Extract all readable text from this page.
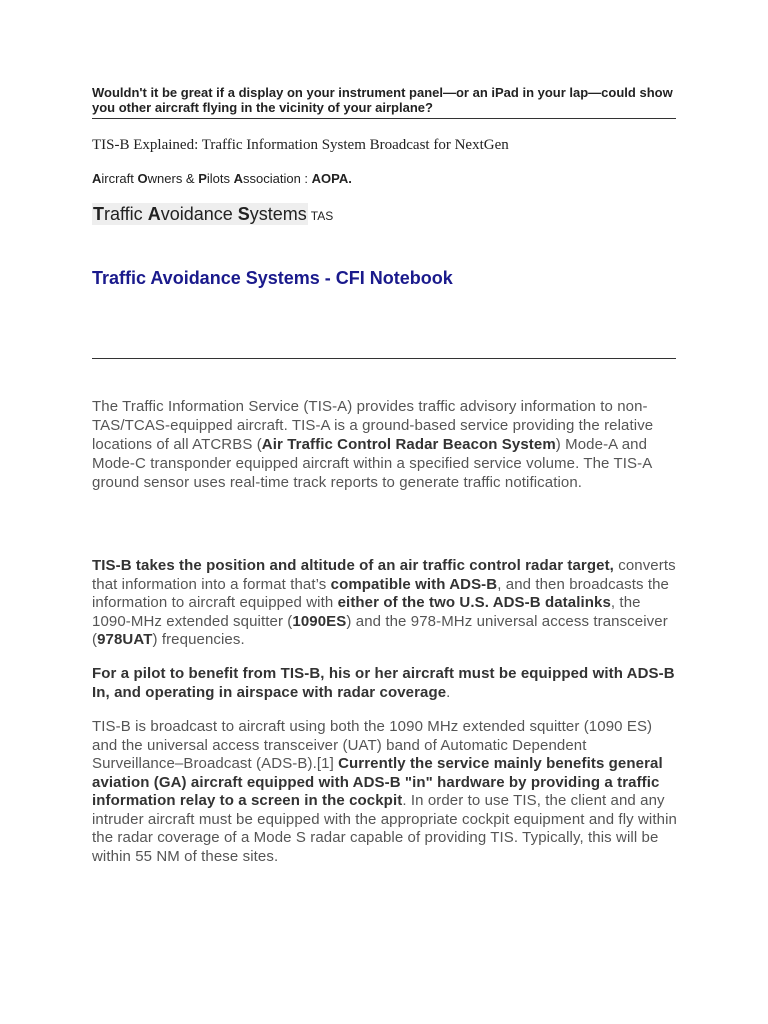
Wouldn't it be great if a display on your instrument panel—or an iPad in your lap—could show you other aircraft flying in the vicinity of your airplane?
TIS-B Explained: Traffic Information System Broadcast for NextGen
Aircraft Owners & Pilots Association : AOPA.
Traffic Avoidance Systems TAS
Traffic Avoidance Systems - CFI Notebook
The Traffic Information Service (TIS-A) provides traffic advisory information to non-TAS/TCAS-equipped aircraft. TIS-A is a ground-based service providing the relative locations of all ATCRBS (Air Traffic Control Radar Beacon System) Mode-A and Mode-C transponder equipped aircraft within a specified service volume. The TIS-A ground sensor uses real-time track reports to generate traffic notification.
TIS-B takes the position and altitude of an air traffic control radar target, converts that information into a format that’s compatible with ADS-B, and then broadcasts the information to aircraft equipped with either of the two U.S. ADS-B datalinks, the 1090-MHz extended squitter (1090ES) and the 978-MHz universal access transceiver (978UAT) frequencies.
For a pilot to benefit from TIS-B, his or her aircraft must be equipped with ADS-B In, and operating in airspace with radar coverage.
TIS-B is broadcast to aircraft using both the 1090 MHz extended squitter (1090 ES) and the universal access transceiver (UAT) band of Automatic Dependent Surveillance–Broadcast (ADS-B).[1] Currently the service mainly benefits general aviation (GA) aircraft equipped with ADS-B "in" hardware by providing a traffic information relay to a screen in the cockpit. In order to use TIS, the client and any intruder aircraft must be equipped with the appropriate cockpit equipment and fly within the radar coverage of a Mode S radar capable of providing TIS. Typically, this will be within 55 NM of these sites.
